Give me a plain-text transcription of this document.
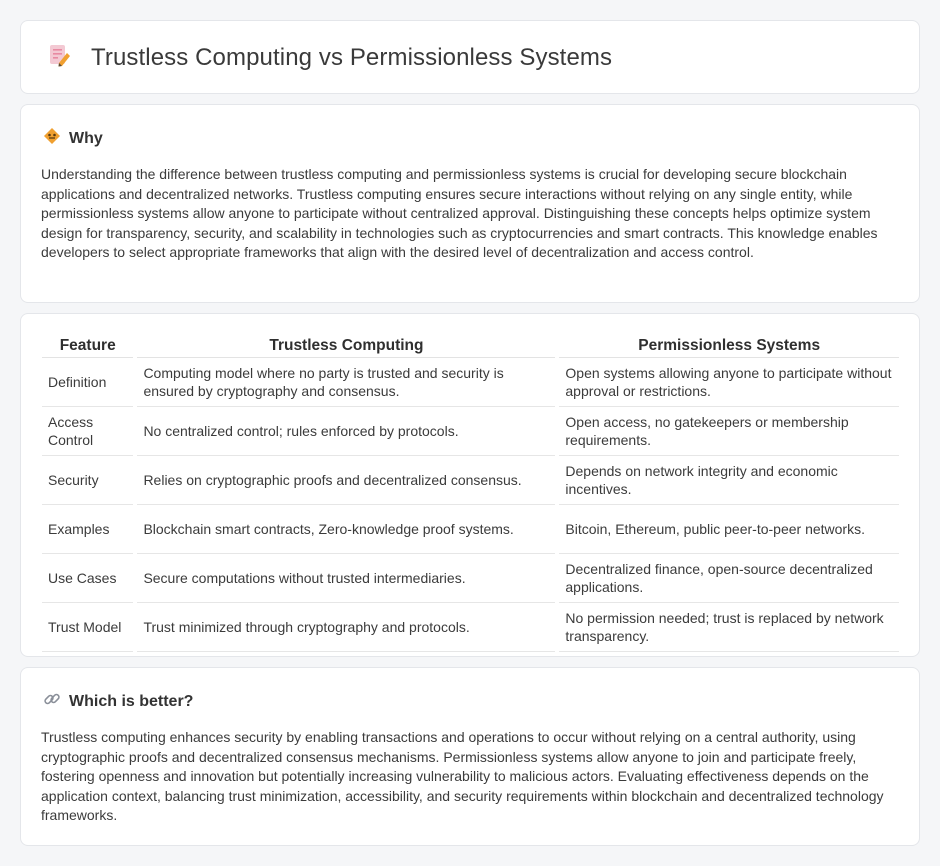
Trustless Computing vs Permissionless Systems
Why

Understanding the difference between trustless computing and permissionless systems is crucial for developing secure blockchain applications and decentralized networks. Trustless computing ensures secure interactions without relying on any single entity, while permissionless systems allow anyone to participate without centralized approval. Distinguishing these concepts helps optimize system design for transparency, security, and scalability in technologies such as cryptocurrencies and smart contracts. This knowledge enables developers to select appropriate frameworks that align with the desired level of decentralization and access control.

Feature		Trustless Computing		Permissionless Systems
Definition		Computing model where no party is trusted and security is ensured by cryptography and consensus.		Open systems allowing anyone to participate without approval or restrictions.
Access Control		No centralized control; rules enforced by protocols.		Open access, no gatekeepers or membership requirements.
Security		Relies on cryptographic proofs and decentralized consensus.		Depends on network integrity and economic incentives.
Examples		Blockchain smart contracts, Zero-knowledge proof systems.		Bitcoin, Ethereum, public peer-to-peer networks.
Use Cases		Secure computations without trusted intermediaries.		Decentralized finance, open-source decentralized applications.
Trust Model		Trust minimized through cryptography and protocols.		No permission needed; trust is replaced by network transparency.
Which is better?

Trustless computing enhances security by enabling transactions and operations to occur without relying on a central authority, using cryptographic proofs and decentralized consensus mechanisms. Permissionless systems allow anyone to join and participate freely, fostering openness and innovation but potentially increasing vulnerability to malicious actors. Evaluating effectiveness depends on the application context, balancing trust minimization, accessibility, and security requirements within blockchain and decentralized technology frameworks.
